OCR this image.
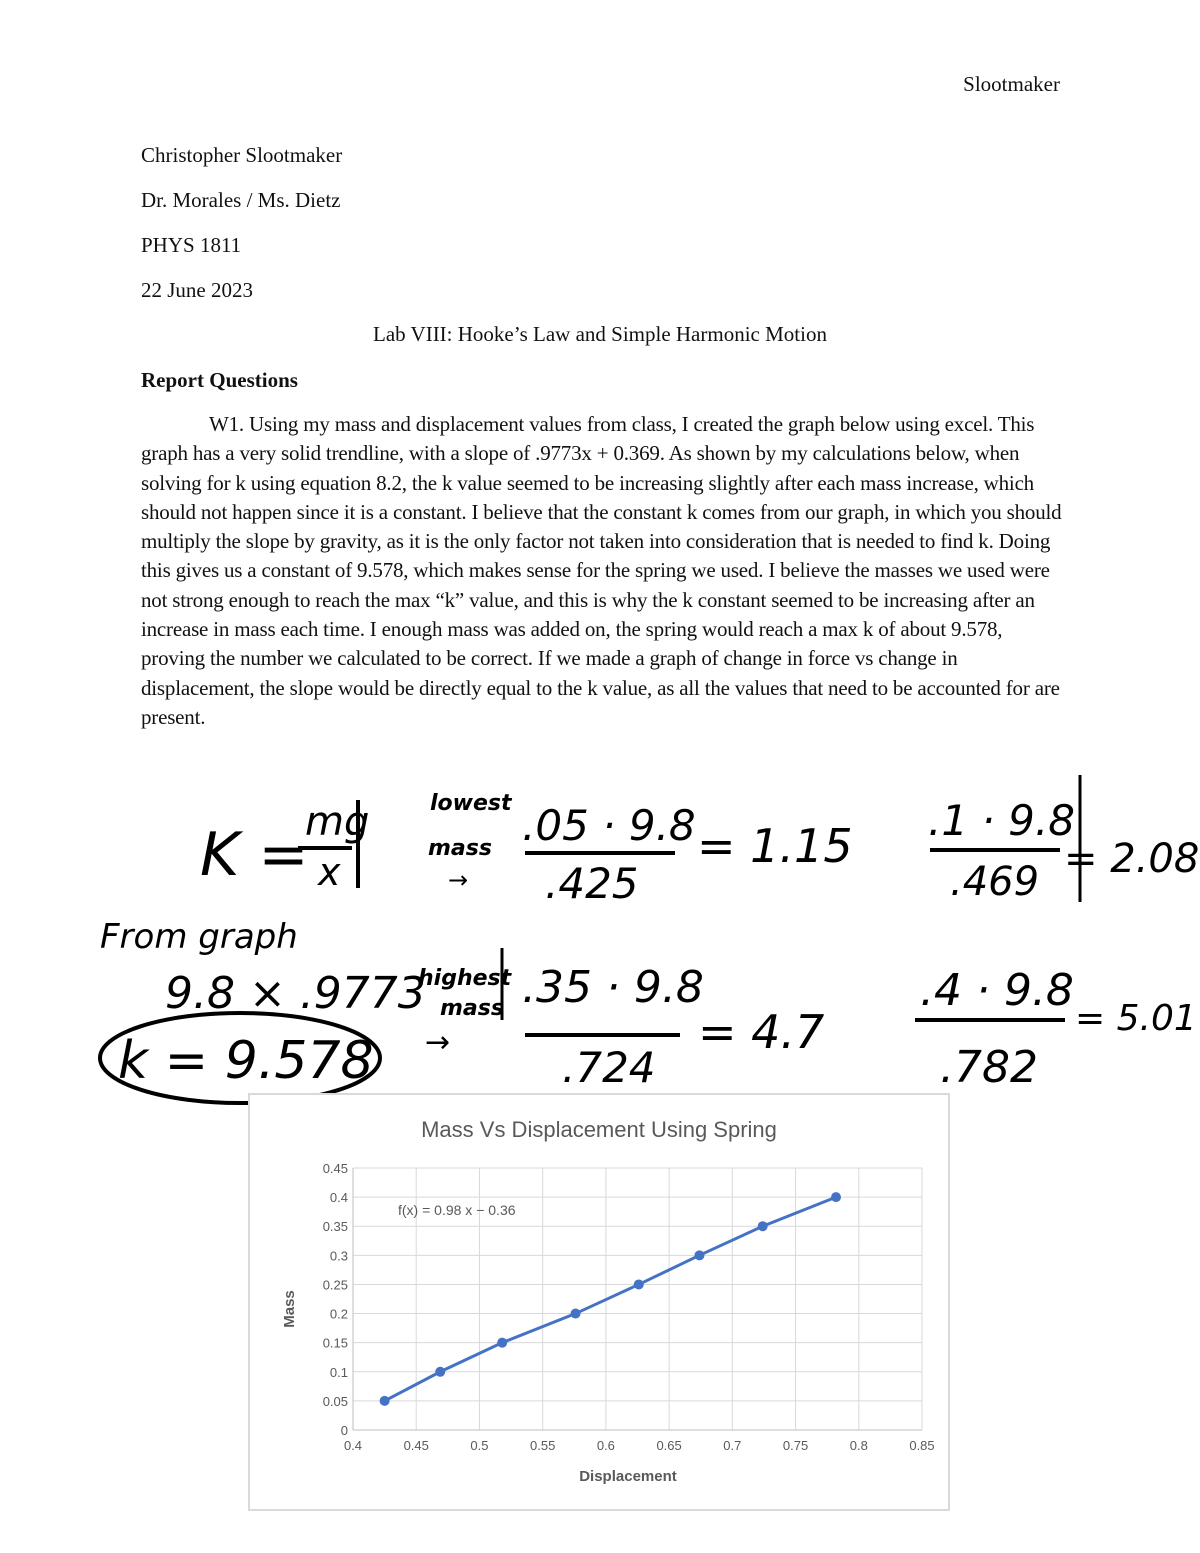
Slootmaker
Christopher Slootmaker
Dr. Morales / Ms. Dietz
PHYS 1811
22 June 2023
Lab VIII: Hooke’s Law and Simple Harmonic Motion
Report Questions
W1. Using my mass and displacement values from class, I created the graph below using excel. This graph has a very solid trendline, with a slope of .9773x + 0.369. As shown by my calculations below, when solving for k using equation 8.2, the k value seemed to be increasing slightly after each mass increase, which should not happen since it is a constant. I believe that the constant k comes from our graph, in which you should multiply the slope by gravity, as it is the only factor not taken into consideration that is needed to find k. Doing this gives us a constant of 9.578, which makes sense for the spring we used. I believe the masses we used were not strong enough to reach the max “k” value, and this is why the k constant seemed to be increasing after an increase in mass each time. I enough mass was added on, the spring would reach a max k of about 9.578, proving the number we calculated to be correct. If we made a graph of change in force vs change in displacement, the slope would be directly equal to the k value, as all the values that need to be accounted for are present.
K =
mg
x
lowest
mass
→
.05 · 9.8
.425
= 1.15 .1 · 9.8
.469 = 2.08
From graph
9.8 × .9773
k = 9.578
highest
mass
→
.35 · 9.8
.724
= 4.7
.4 · 9.8
.782
= 5.01
Mass Vs Displacement Using Spring
Displacement
Mass
0.4	0.45	0.5	0.55	0.6	0.65	0.7	0.75	0.8	0.85
0
0.05
0.1
0.15
0.2
0.25
0.3
0.35
0.4
0.45
f(x) = 0.98 x − 0.36
